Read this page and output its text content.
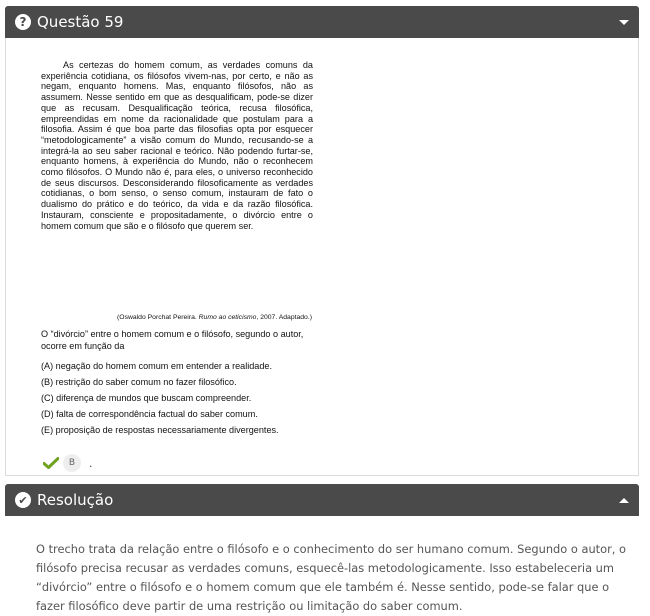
? Questão 59

As certezas do homem comum, as verdades comuns da experiência cotidiana, os filósofos vivem-nas, por certo, e não as negam, enquanto homens. Mas, enquanto filósofos, não as assumem. Nesse sentido em que as desqualificam, pode-se dizer que as recusam. Desqualificação teórica, recusa filosófica, empreendidas em nome da racionalidade que postulam para a filosofia. Assim é que boa parte das filosofias opta por esquecer “metodologicamente” a visão comum do Mundo, recusando-se a integrá-la ao seu saber racional e teórico. Não podendo furtar-se, enquanto homens, à experiência do Mundo, não o reconhecem como filósofos. O Mundo não é, para eles, o universo reconhecido de seus discursos. Desconsiderando filosoficamente as verdades cotidianas, o bom senso, o senso comum, instauram de fato o dualismo do prático e do teórico, da vida e da razão filosófica. Instauram, consciente e propositadamente, o divórcio entre o homem comum que são e o filósofo que querem ser.

(Oswaldo Porchat Pereira. Rumo ao ceticismo, 2007. Adaptado.)
O “divórcio” entre o homem comum e o filósofo, segundo o autor, ocorre em função da
(A) negação do homem comum em entender a realidade.
(B) restrição do saber comum no fazer filosófico.
(C) diferença de mundos que buscam compreender.
(D) falta de correspondência factual do saber comum.
(E) proposição de respostas necessariamente divergentes.
B	.
✔ Resolução
O trecho trata da relação entre o filósofo e o conhecimento do ser humano comum. Segundo o autor, o filósofo precisa recusar as verdades comuns, esquecê-las metodologicamente. Isso estabeleceria um “divórcio” entre o filósofo e o homem comum que ele também é. Nesse sentido, pode-se falar que o fazer filosófico deve partir de uma restrição ou limitação do saber comum.
